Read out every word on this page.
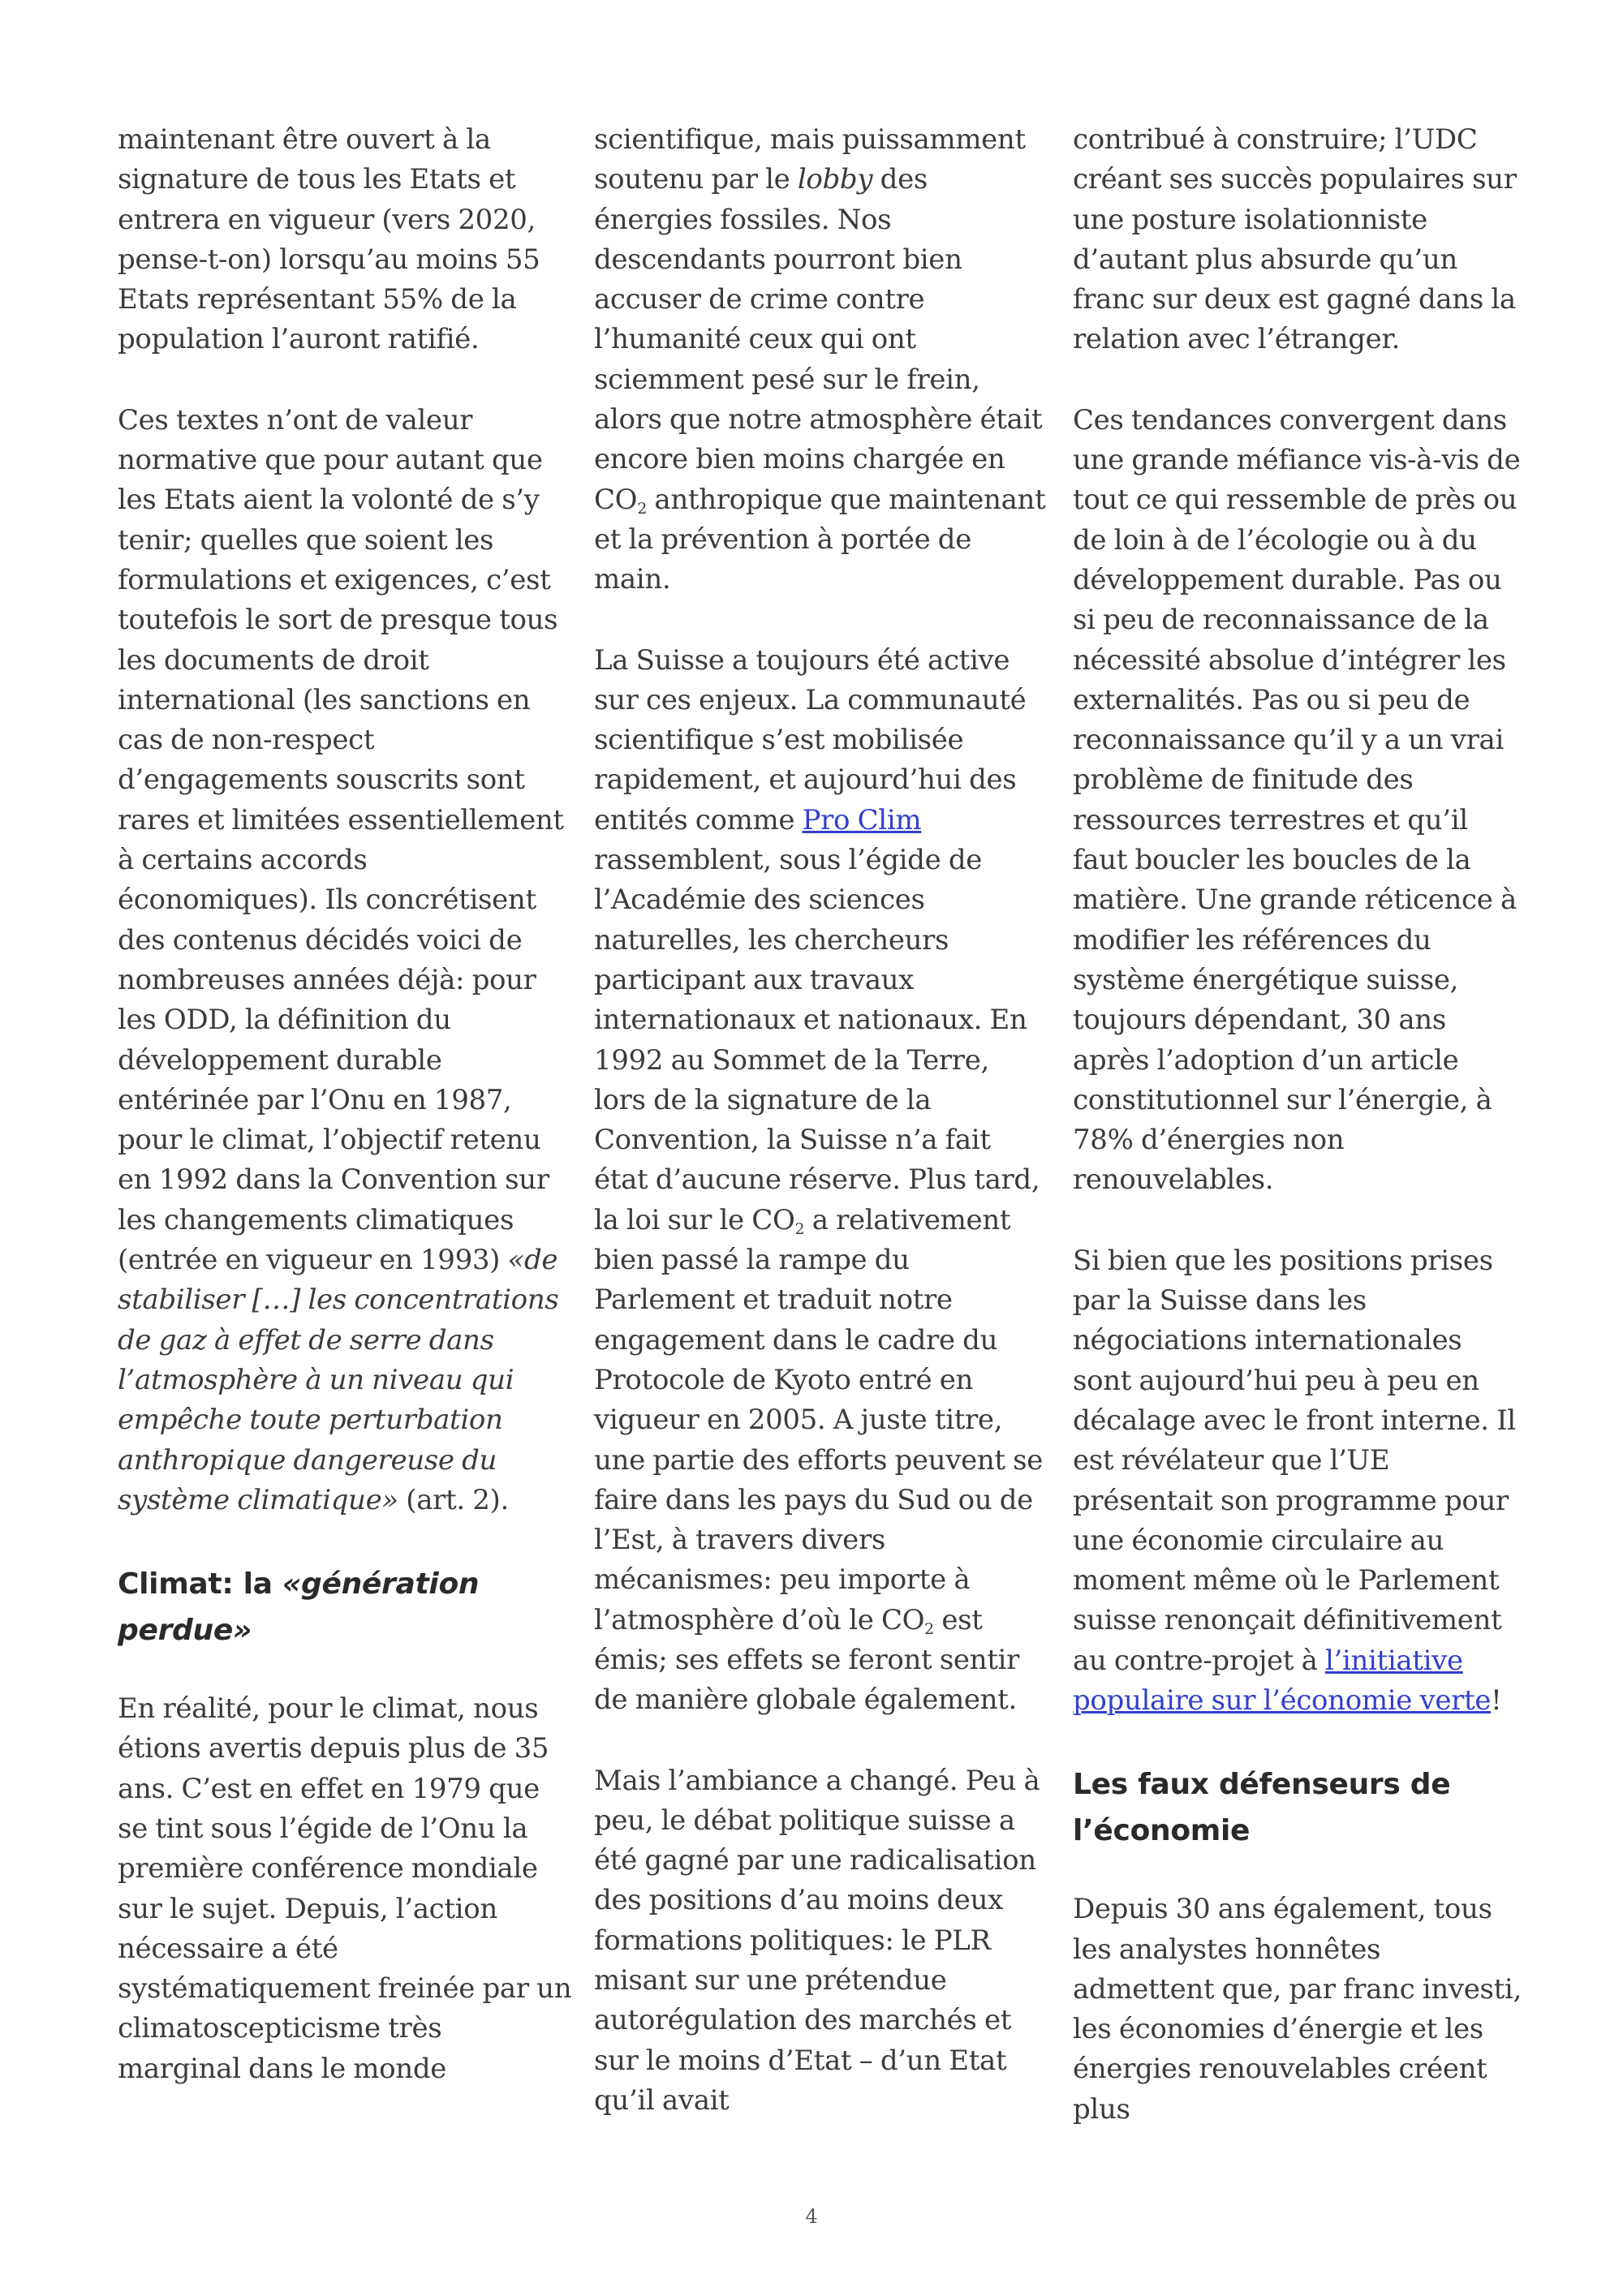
maintenant être ouvert à la signature de tous les Etats et entrera en vigueur (vers 2020, pense-t-on) lorsqu’au moins 55 Etats représentant 55% de la population l’auront ratifié.

Ces textes n’ont de valeur normative que pour autant que les Etats aient la volonté de s’y tenir; quelles que soient les formulations et exigences, c’est toutefois le sort de presque tous les documents de droit international (les sanctions en cas de non-respect d’engagements souscrits sont rares et limitées essentiellement à certains accords économiques). Ils concrétisent des contenus décidés voici de nombreuses années déjà: pour les ODD, la définition du développement durable entérinée par l’Onu en 1987, pour le climat, l’objectif retenu en 1992 dans la Convention sur les changements climatiques (entrée en vigueur en 1993) «de stabiliser […] les concentrations de gaz à effet de serre dans l’atmosphère à un niveau qui empêche toute perturbation anthropique dangereuse du système climatique» (art. 2).

Climat: la «génération perdue»

En réalité, pour le climat, nous étions avertis depuis plus de 35 ans. C’est en effet en 1979 que se tint sous l’égide de l’Onu la première conférence mondiale sur le sujet. Depuis, l’action nécessaire a été systématiquement freinée par un climatoscepticisme très marginal dans le monde

scientifique, mais puissamment soutenu par le lobby des énergies fossiles. Nos descendants pourront bien accuser de crime contre l’humanité ceux qui ont sciemment pesé sur le frein, alors que notre atmosphère était encore bien moins chargée en $CO_2$ anthropique que maintenant et la prévention à portée de main.

La Suisse a toujours été active sur ces enjeux. La communauté scientifique s’est mobilisée rapidement, et aujourd’hui des entités comme Pro Clim rassemblent, sous l’égide de l’Académie des sciences naturelles, les chercheurs participant aux travaux internationaux et nationaux. En 1992 au Sommet de la Terre, lors de la signature de la Convention, la Suisse n’a fait état d’aucune réserve. Plus tard, la loi sur le $CO_2$ a relativement bien passé la rampe du Parlement et traduit notre engagement dans le cadre du Protocole de Kyoto entré en vigueur en 2005. A juste titre, une partie des efforts peuvent se faire dans les pays du Sud ou de l’Est, à travers divers mécanismes: peu importe à l’atmosphère d’où le $CO_2$ est émis; ses effets se feront sentir de manière globale également.

Mais l’ambiance a changé. Peu à peu, le débat politique suisse a été gagné par une radicalisation des positions d’au moins deux formations politiques: le PLR misant sur une prétendue autorégulation des marchés et sur le moins d’Etat – d’un Etat qu’il avait

contribué à construire; l’UDC créant ses succès populaires sur une posture isolationniste d’autant plus absurde qu’un franc sur deux est gagné dans la relation avec l’étranger.

Ces tendances convergent dans une grande méfiance vis-à-vis de tout ce qui ressemble de près ou de loin à de l’écologie ou à du développement durable. Pas ou si peu de reconnaissance de la nécessité absolue d’intégrer les externalités. Pas ou si peu de reconnaissance qu’il y a un vrai problème de finitude des ressources terrestres et qu’il faut boucler les boucles de la matière. Une grande réticence à modifier les références du système énergétique suisse, toujours dépendant, 30 ans après l’adoption d’un article constitutionnel sur l’énergie, à 78% d’énergies non renouvelables.

Si bien que les positions prises par la Suisse dans les négociations internationales sont aujourd’hui peu à peu en décalage avec le front interne. Il est révélateur que l’UE présentait son programme pour une économie circulaire au moment même où le Parlement suisse renonçait définitivement au contre-projet à l’initiative populaire sur l’économie verte!

Les faux défenseurs de l’économie

Depuis 30 ans également, tous les analystes honnêtes admettent que, par franc investi, les économies d’énergie et les énergies renouvelables créent plus

4
